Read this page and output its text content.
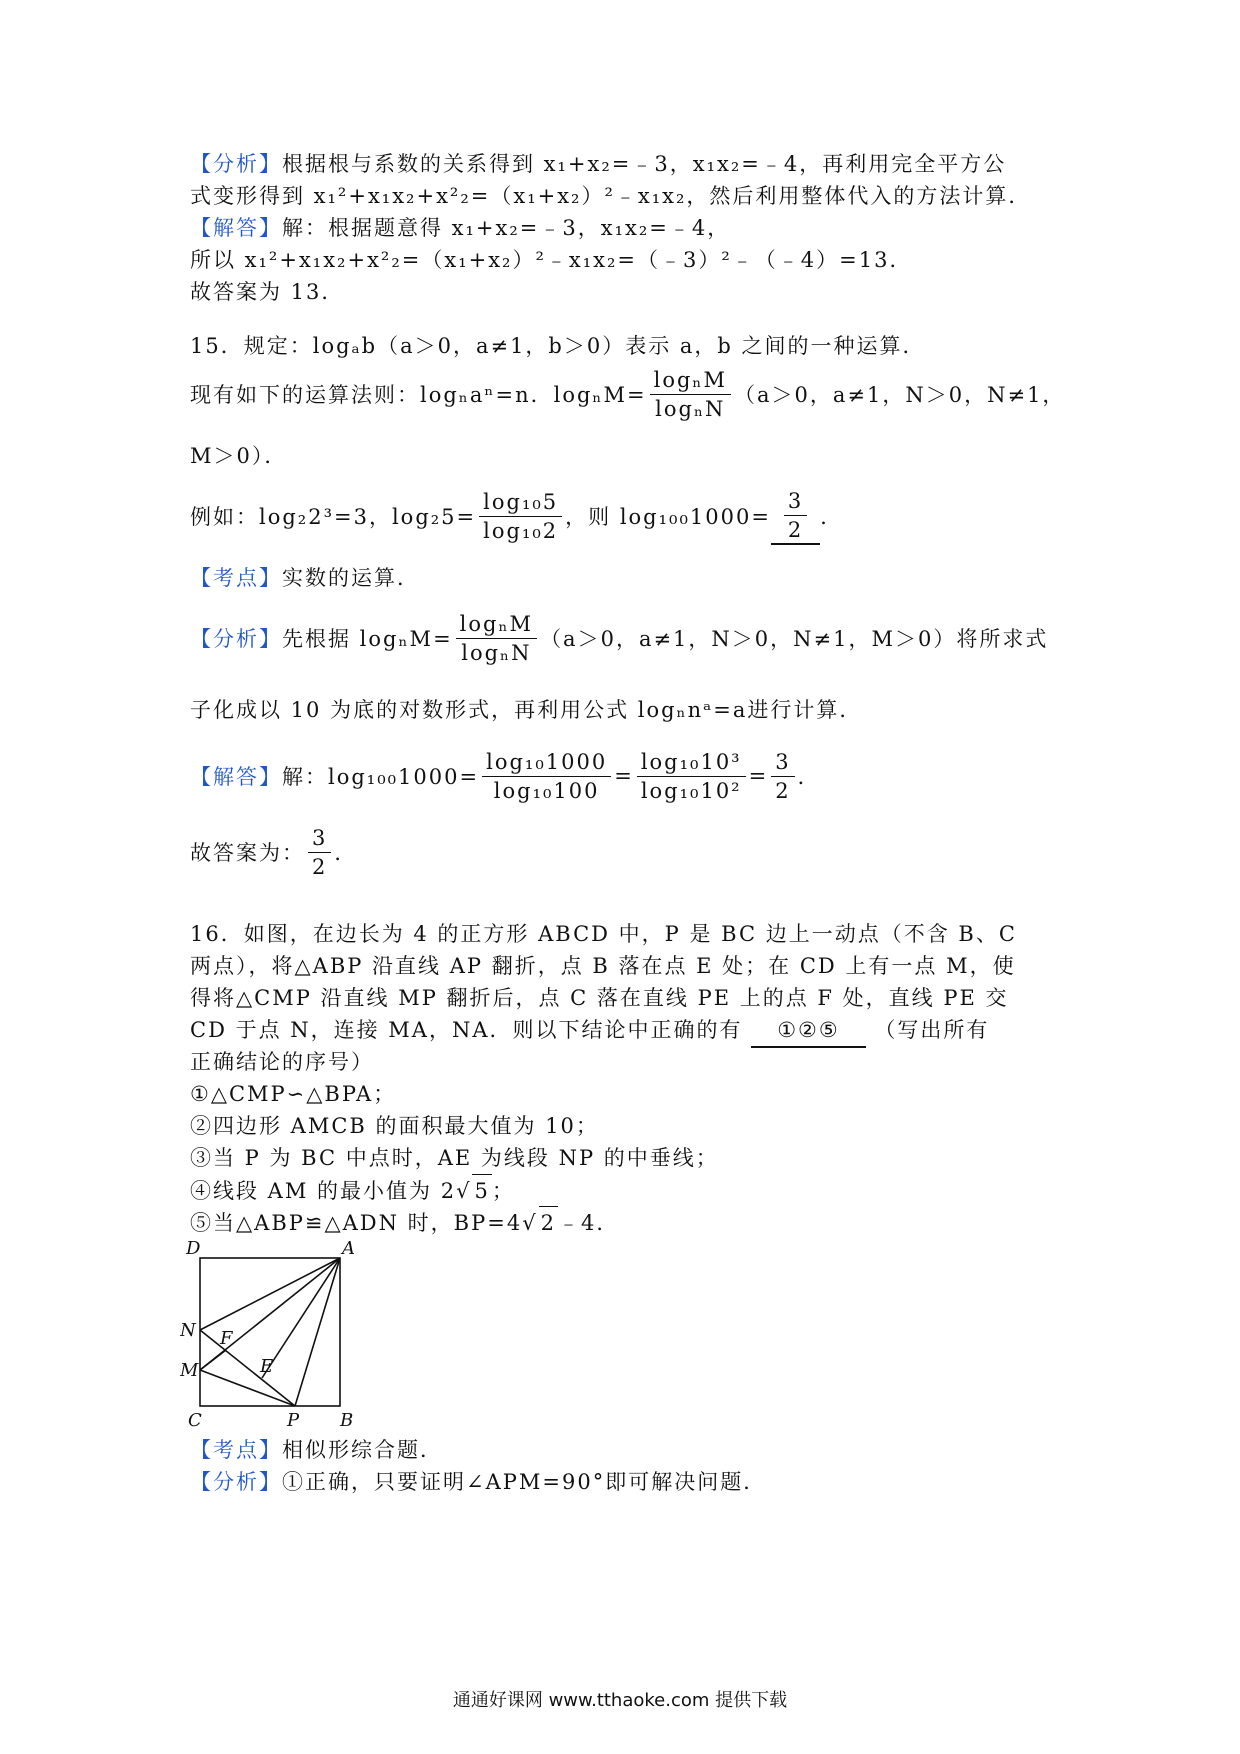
【分析】根据根与系数的关系得到 x₁+x₂=﹣3，x₁x₂=﹣4，再利用完全平方公
式变形得到 x₁²+x₁x₂+x²₂=（x₁+x₂）²﹣x₁x₂，然后利用整体代入的方法计算．
【解答】解：根据题意得 x₁+x₂=﹣3，x₁x₂=﹣4，
所以 x₁²+x₁x₂+x²₂=（x₁+x₂）²﹣x₁x₂=（﹣3）²﹣（﹣4）=13．
故答案为 13．
15．规定：logₐb（a＞0，a≠1，b＞0）表示 a，b 之间的一种运算．
现有如下的运算法则：logₙaⁿ=n．$\log_nM= \frac{\text{logₙM}}{\text{logₙN}} (a>0$，a≠1，N＞0，N≠1，
M＞0）．
例如：log₂2³=3，$\log_25= \frac{\text{log₁₀5}}{\text{log₁₀2}}$ ，则 $\log_{100}1000= \frac{3}{2}$ ．
【考点】实数的运算．
【分析】 先根据 $\log_nM= \frac{\text{logₙM}}{\text{logₙN}} (a>0$，a≠1，N＞0，N≠1，M＞0）将所求式
子化成以 10 为底的对数形式，再利用公式 logₙnᵃ=a进行计算．
【解答】 解：$\log_{100}1000= \frac{\text{log₁₀1000}}{\text{log₁₀100}} = \frac{\text{log₁₀10³}}{\text{log₁₀10²}} = \frac{3}{2}$ ．
故答案为： $\frac{3}{2}$ ．
16．如图，在边长为 4 的正方形 ABCD 中，P 是 BC 边上一动点（不含 B、C
两点），将△ABP 沿直线 AP 翻折，点 B 落在点 E 处；在 CD 上有一点 M，使
得将△CMP 沿直线 MP 翻折后，点 C 落在直线 PE 上的点 F 处，直线 PE 交
CD 于点 N，连接 MA，NA．则以下结论中正确的有 ①②⑤ （写出所有
正确结论的序号）
①△CMP∽△BPA；
②四边形 AMCB 的面积最大值为 10；
③当 P 为 BC 中点时，AE 为线段 NP 的中垂线；
④线段 AM 的最小值为 2√ 5；
⑤当△ABP≌△ADN 时，BP=4√ 2﹣4．
D	A
N F
M	E
C	P B
【考点】相似形综合题．
【分析】①正确，只要证明∠APM=90°即可解决问题．
通通好课网 www.tthaoke.com 提供下载
